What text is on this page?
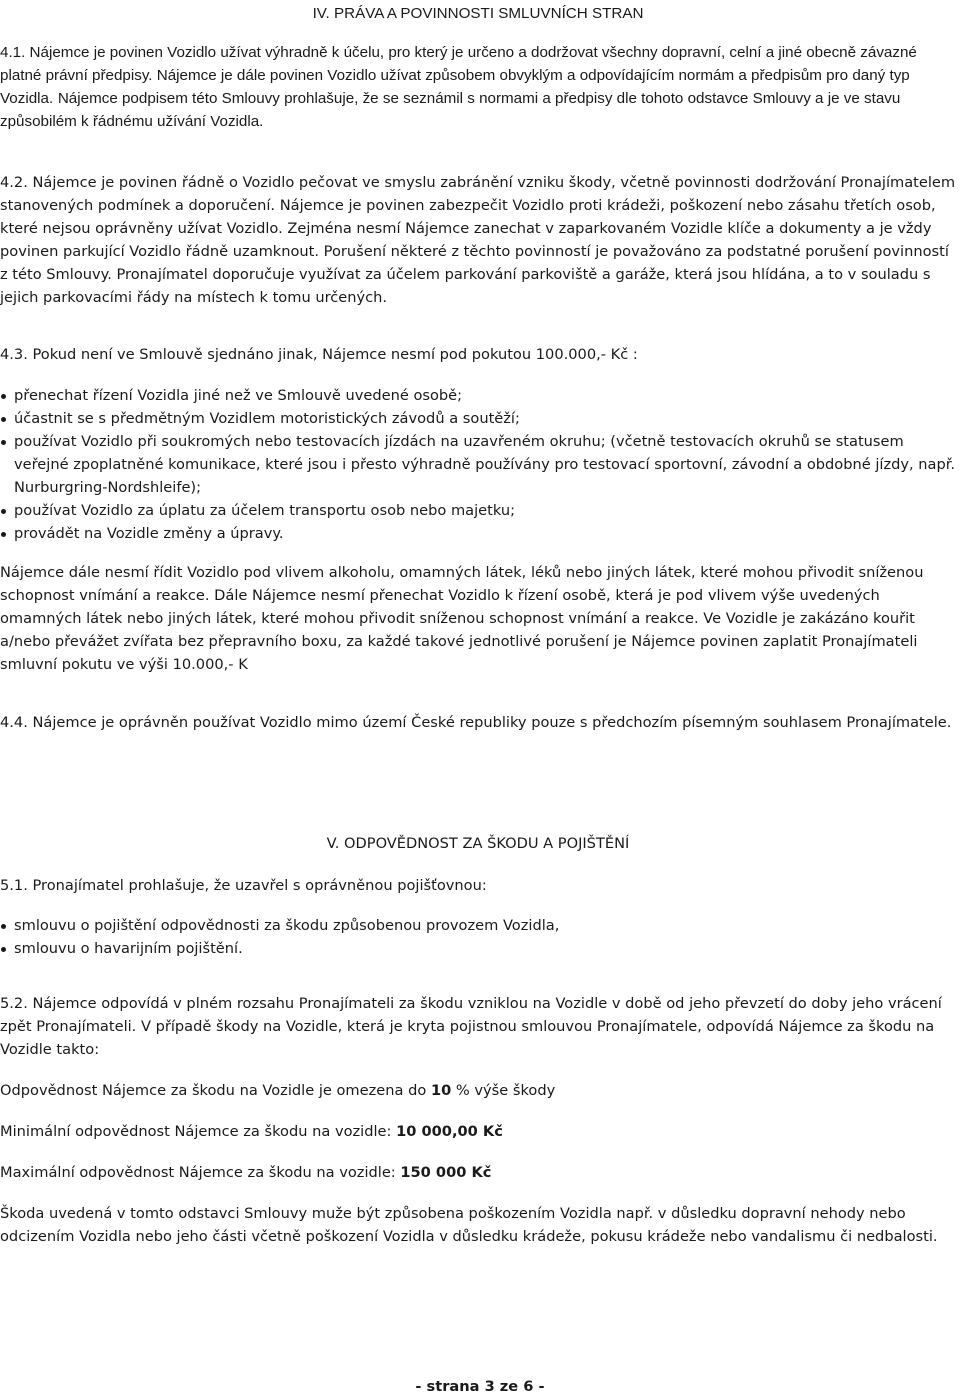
IV. PRÁVA A POVINNOSTI SMLUVNÍCH STRAN

4.1. Nájemce je povinen Vozidlo užívat výhradně k účelu, pro který je určeno a dodržovat všechny dopravní, celní a jiné obecně závazné platné právní předpisy. Nájemce je dále povinen Vozidlo užívat způsobem obvyklým a odpovídajícím normám a předpisům pro daný typ Vozidla. Nájemce podpisem této Smlouvy prohlašuje, že se seznámil s normami a předpisy dle tohoto odstavce Smlouvy a je ve stavu způsobilém k řádnému užívání Vozidla.

4.2. Nájemce je povinen řádně o Vozidlo pečovat ve smyslu zabránění vzniku škody, včetně povinnosti dodržování Pronajímatelem stanovených podmínek a doporučení. Nájemce je povinen zabezpečit Vozidlo proti krádeži, poškození nebo zásahu třetích osob, které nejsou oprávněny užívat Vozidlo. Zejména nesmí Nájemce zanechat v zaparkovaném Vozidle klíče a dokumenty a je vždy povinen parkující Vozidlo řádně uzamknout. Porušení některé z těchto povinností je považováno za podstatné porušení povinností z této Smlouvy. Pronajímatel doporučuje využívat za účelem parkování parkoviště a garáže, která jsou hlídána, a to v souladu s jejich parkovacími řády na místech k tomu určených.

4.3. Pokud není ve Smlouvě sjednáno jinak, Nájemce nesmí pod pokutou 100.000,- Kč :

přenechat řízení Vozidla jiné než ve Smlouvě uvedené osobě;
účastnit se s předmětným Vozidlem motoristických závodů a soutěží;
používat Vozidlo při soukromých nebo testovacích jízdách na uzavřeném okruhu; (včetně testovacích okruhů se statusem veřejné zpoplatněné komunikace, které jsou i přesto výhradně používány pro testovací sportovní, závodní a obdobné jízdy, např. Nurburgring-Nordshleife);
používat Vozidlo za úplatu za účelem transportu osob nebo majetku;
provádět na Vozidle změny a úpravy.

Nájemce dále nesmí řídit Vozidlo pod vlivem alkoholu, omamných látek, léků nebo jiných látek, které mohou přivodit sníženou schopnost vnímání a reakce. Dále Nájemce nesmí přenechat Vozidlo k řízení osobě, která je pod vlivem výše uvedených omamných látek nebo jiných látek, které mohou přivodit sníženou schopnost vnímání a reakce. Ve Vozidle je zakázáno kouřit a/nebo převážet zvířata bez přepravního boxu, za každé takové jednotlivé porušení je Nájemce povinen zaplatit Pronajímateli smluvní pokutu ve výši 10.000,- K

4.4. Nájemce je oprávněn používat Vozidlo mimo území České republiky pouze s předchozím písemným souhlasem Pronajímatele.

V. ODPOVĚDNOST ZA ŠKODU A POJIŠTĚNÍ

5.1. Pronajímatel prohlašuje, že uzavřel s oprávněnou pojišťovnou:

smlouvu o pojištění odpovědnosti za škodu způsobenou provozem Vozidla,
smlouvu o havarijním pojištění.

5.2. Nájemce odpovídá v plném rozsahu Pronajímateli za škodu vzniklou na Vozidle v době od jeho převzetí do doby jeho vrácení zpět Pronajímateli. V případě škody na Vozidle, která je kryta pojistnou smlouvou Pronajímatele, odpovídá Nájemce za škodu na Vozidle takto:

Odpovědnost Nájemce za škodu na Vozidle je omezena do 10 % výše škody

Minimální odpovědnost Nájemce za škodu na vozidle: 10 000,00 Kč

Maximální odpovědnost Nájemce za škodu na vozidle: 150 000 Kč

Škoda uvedená v tomto odstavci Smlouvy muže být způsobena poškozením Vozidla např. v důsledku dopravní nehody nebo odcizením Vozidla nebo jeho části včetně poškození Vozidla v důsledku krádeže, pokusu krádeže nebo vandalismu či nedbalosti.

- strana 3 ze 6 -
